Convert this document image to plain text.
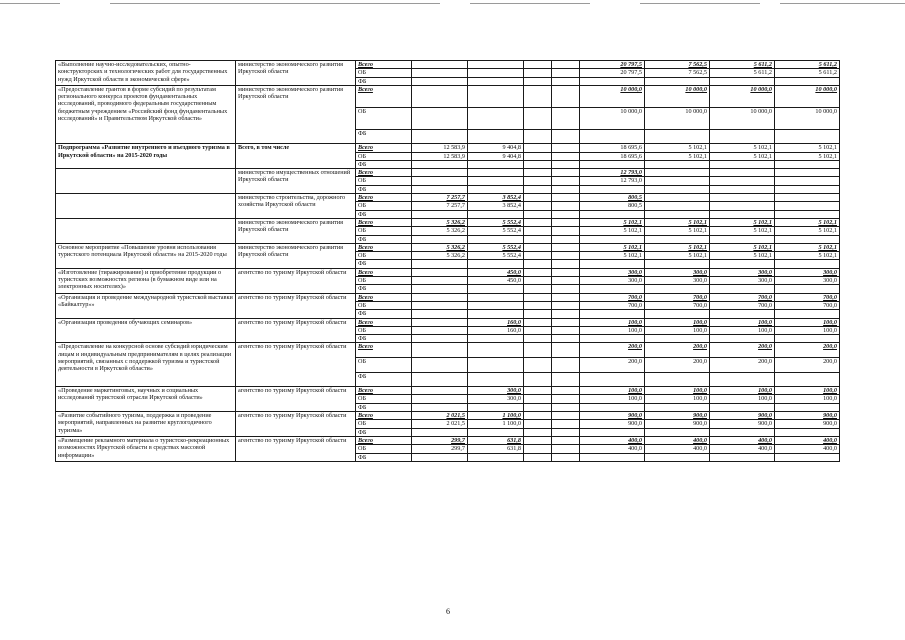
«Выполнение научно-исследовательских, опытно-конструкторских и технологических работ для государственных нужд Иркутской области в экономической сфере»	министерство экономического развития Иркутской области	Всего					20 797,5	7 562,5	5 611,2	5 611,2
		ОБ					20 797,5	7 562,5	5 611,2	5 611,2
		ФБ								
«Предоставление грантов в форме субсидий по результатам регионального конкурса проектов фундаментальных исследований, проводимого федеральным государственным бюджетным учреждением «Российский фонд фундаментальных исследований» и Правительством Иркутской области»	министерство экономического развития Иркутской области	Всего					10 000,0	10 000,0	10 000,0	10 000,0
		ОБ					10 000,0	10 000,0	10 000,0	10 000,0
		ФБ								
Подпрограмма «Развитие внутреннего и въездного туризма в Иркутской области» на 2015-2020 годы	Всего, в том числе	Всего	12 583,9	9 404,8			18 695,6	5 102,1	5 102,1	5 102,1
		ОБ	12 583,9	9 404,8			18 695,6	5 102,1	5 102,1	5 102,1
		ФБ								
	министерство имущественных отношений Иркутской области	Всего					12 793,0			
		ОБ					12 793,0			
		ФБ								
	министерство строительства, дорожного хозяйства Иркутской области	Всего	7 257,7	3 852,4			800,5			
		ОБ	7 257,7	3 852,4			800,5			
		ФБ								
	министерство экономического развития Иркутской области	Всего	5 326,2	5 552,4			5 102,1	5 102,1	5 102,1	5 102,1
		ОБ	5 326,2	5 552,4			5 102,1	5 102,1	5 102,1	5 102,1
		ФБ								
Основное мероприятие «Повышение уровня использования туристского потенциала Иркутской области» на 2015-2020 годы	министерство экономического развития Иркутской области	Всего	5 326,2	5 552,4			5 102,1	5 102,1	5 102,1	5 102,1
		ОБ	5 326,2	5 552,4			5 102,1	5 102,1	5 102,1	5 102,1
		ФБ								
«Изготовление (тиражирование) и приобретение продукции о туристских возможностях региона (в бумажном виде или на электронных носителях)»	агентство по туризму Иркутской области	Всего		450,0			300,0	300,0	300,0	300,0
		ОБ		450,0			300,0	300,0	300,0	300,0
		ФБ								
«Организация и проведение международной туристской выставки «Байкалтур»»	агентство по туризму Иркутской области	Всего					700,0	700,0	700,0	700,0
		ОБ					700,0	700,0	700,0	700,0
		ФБ								
«Организация проведения обучающих семинаров»	агентство по туризму Иркутской области	Всего		160,0			100,0	100,0	100,0	100,0
		ОБ		160,0			100,0	100,0	100,0	100,0
		ФБ								
«Предоставление на конкурсной основе субсидий юридическим лицам и индивидуальным предпринимателям в целях реализации мероприятий, связанных с поддержкой туризма и туристской деятельности в Иркутской области»	агентство по туризму Иркутской области	Всего					200,0	200,0	200,0	200,0
		ОБ					200,0	200,0	200,0	200,0
		ФБ								
«Проведение маркетинговых, научных и социальных исследований туристской отрасли Иркутской области»	агентство по туризму Иркутской области	Всего		300,0			100,0	100,0	100,0	100,0
		ОБ		300,0			100,0	100,0	100,0	100,0
		ФБ								
«Развитие событийного туризма, поддержка и проведение мероприятий, направленных на развитие круглогодичного туризма»	агентство по туризму Иркутской области	Всего	2 021,5	1 100,0			900,0	900,0	900,0	900,0
		ОБ	2 021,5	1 100,0			900,0	900,0	900,0	900,0
		ФБ								
«Размещение рекламного материала о туристско-рекреационных возможностях Иркутской области в средствах массовой информации»	агентство по туризму Иркутской области	Всего	299,7	631,8			400,0	400,0	400,0	400,0
		ОБ	299,7	631,8			400,0	400,0	400,0	400,0
		ФБ								
6
